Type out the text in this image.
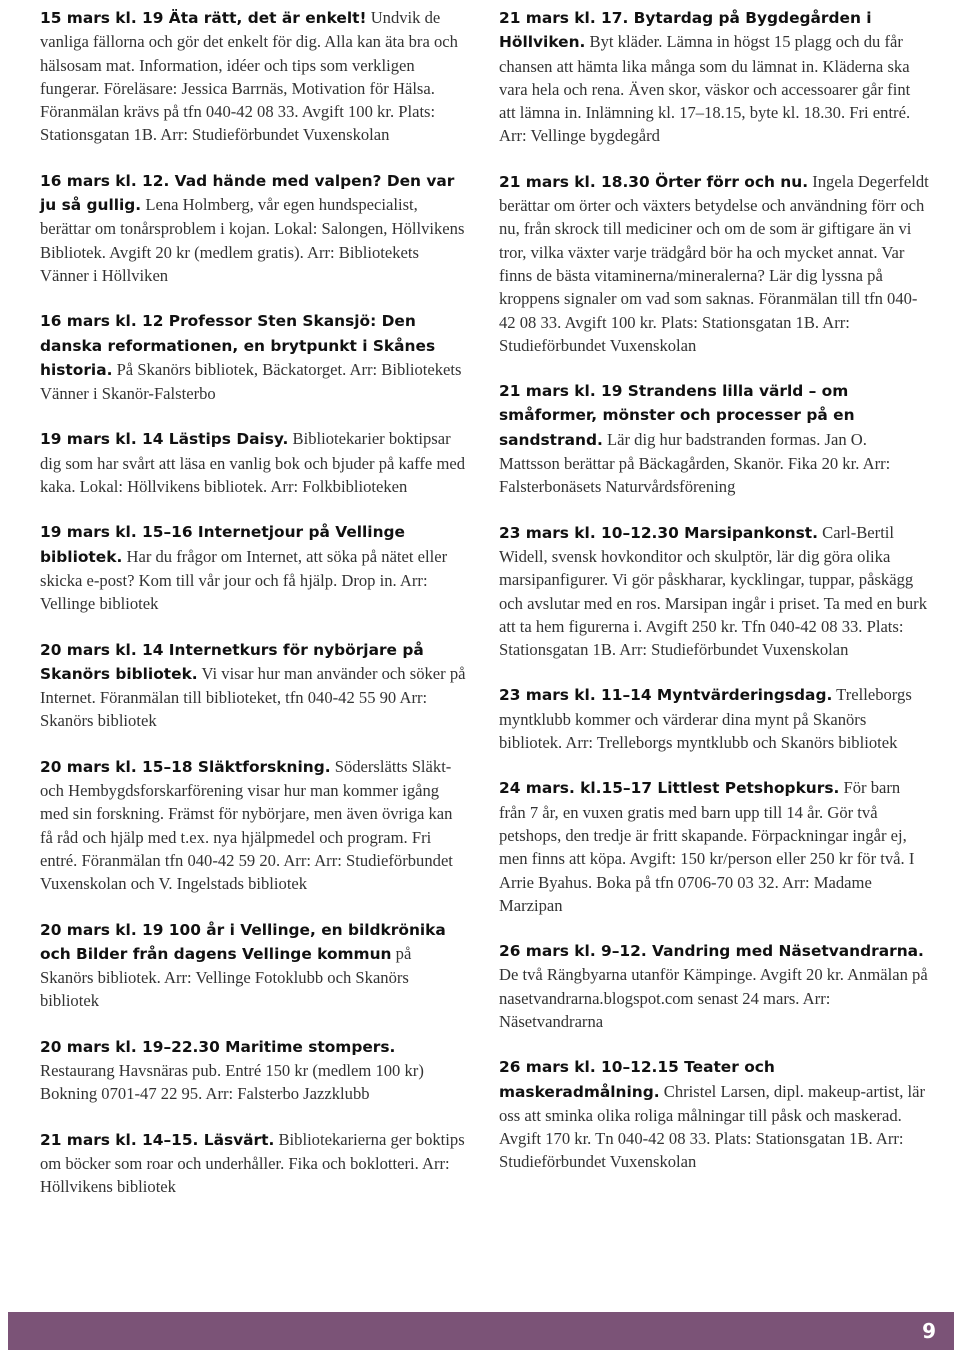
15 mars kl. 19 Äta rätt, det är enkelt! Undvik de vanliga fällorna och gör det enkelt för dig. Alla kan äta bra och hälsosam mat. Information, idéer och tips som verkligen fungerar. Föreläsare: Jessica Barrnäs, Motivation för Hälsa. Föranmälan krävs på tfn 040-42 08 33. Avgift 100 kr. Plats: Stationsgatan 1B. Arr: Studieförbundet Vuxenskolan

16 mars kl. 12. Vad hände med valpen? Den var ju så gullig. Lena Holmberg, vår egen hundspecialist, berättar om tonårsproblem i kojan. Lokal: Salongen, Höllvikens Bibliotek. Avgift 20 kr (medlem gratis). Arr: Bibliotekets Vänner i Höllviken

16 mars kl. 12 Professor Sten Skansjö: Den danska reformationen, en brytpunkt i Skånes historia. På Skanörs bibliotek, Bäckatorget. Arr: Bibliotekets Vänner i Skanör-Falsterbo

19 mars kl. 14 Lästips Daisy. Bibliotekarier boktipsar dig som har svårt att läsa en vanlig bok och bjuder på kaffe med kaka. Lokal: Höllvikens bibliotek. Arr: Folkbiblioteken

19 mars kl. 15–16 Internetjour på Vellinge bibliotek. Har du frågor om Internet, att söka på nätet eller skicka e-post? Kom till vår jour och få hjälp. Drop in. Arr: Vellinge bibliotek

20 mars kl. 14 Internetkurs för nybörjare på Skanörs bibliotek. Vi visar hur man använder och söker på Internet. Föranmälan till biblioteket, tfn 040-42 55 90 Arr: Skanörs bibliotek

20 mars kl. 15–18 Släktforskning. Söderslätts Släkt- och Hembygdsforskarförening visar hur man kommer igång med sin forskning. Främst för nybörjare, men även övriga kan få råd och hjälp med t.ex. nya hjälpmedel och program. Fri entré. Föranmälan tfn 040-42 59 20. Arr: Arr: Studieförbundet Vuxenskolan och V. Ingelstads bibliotek

20 mars kl. 19 100 år i Vellinge, en bildkrönika och Bilder från dagens Vellinge kommun på Skanörs bibliotek. Arr: Vellinge Fotoklubb och Skanörs bibliotek

20 mars kl. 19–22.30 Maritime stompers. Restaurang Havsnäras pub. Entré 150 kr (medlem 100 kr) Bokning 0701-47 22 95. Arr: Falsterbo Jazzklubb

21 mars kl. 14–15. Läsvärt. Bibliotekarierna ger boktips om böcker som roar och underhåller. Fika och boklotteri. Arr: Höllvikens bibliotek

21 mars kl. 17. Bytardag på Bygdegården i Höllviken. Byt kläder. Lämna in högst 15 plagg och du får chansen att hämta lika många som du lämnat in. Kläderna ska vara hela och rena. Även skor, väskor och accessoarer går fint att lämna in. Inlämning kl. 17–18.15, byte kl. 18.30. Fri entré. Arr: Vellinge bygdegård

21 mars kl. 18.30 Örter förr och nu. Ingela Degerfeldt berättar om örter och växters betydelse och användning förr och nu, från skrock till mediciner och om de som är giftigare än vi tror, vilka växter varje trädgård bör ha och mycket annat. Var finns de bästa vitaminerna/mineralerna? Lär dig lyssna på kroppens signaler om vad som saknas. Föranmälan till tfn 040-42 08 33. Avgift 100 kr. Plats: Stationsgatan 1B. Arr: Studieförbundet Vuxenskolan

21 mars kl. 19 Strandens lilla värld – om småformer, mönster och processer på en sandstrand. Lär dig hur badstranden formas. Jan O. Mattsson berättar på Bäckagården, Skanör. Fika 20 kr. Arr: Falsterbonäsets Naturvårdsförening

23 mars kl. 10–12.30 Marsipankonst. Carl-Bertil Widell, svensk hovkonditor och skulptör, lär dig göra olika marsipanfigurer. Vi gör påskharar, kycklingar, tuppar, påskägg och avslutar med en ros. Marsipan ingår i priset. Ta med en burk att ta hem figurerna i. Avgift 250 kr. Tfn 040-42 08 33. Plats: Stationsgatan 1B. Arr: Studieförbundet Vuxenskolan

23 mars kl. 11–14 Myntvärderingsdag. Trelleborgs myntklubb kommer och värderar dina mynt på Skanörs bibliotek. Arr: Trelleborgs myntklubb och Skanörs bibliotek

24 mars. kl.15–17 Littlest Petshopkurs. För barn från 7 år, en vuxen gratis med barn upp till 14 år. Gör två petshops, den tredje är fritt skapande. Förpackningar ingår ej, men finns att köpa. Avgift: 150 kr/person eller 250 kr för två. I Arrie Byahus. Boka på tfn 0706-70 03 32. Arr: Madame Marzipan

26 mars kl. 9–12. Vandring med Näsetvandrarna. De två Rängbyarna utanför Kämpinge. Avgift 20 kr. Anmälan på nasetvandrarna.blogspot.com senast 24 mars. Arr: Näsetvandrarna

26 mars kl. 10–12.15 Teater och maskeradmålning. Christel Larsen, dipl. makeup-artist, lär oss att sminka olika roliga målningar till påsk och maskerad. Avgift 170 kr. Tn 040-42 08 33. Plats: Stationsgatan 1B. Arr: Studieförbundet Vuxenskolan

9
